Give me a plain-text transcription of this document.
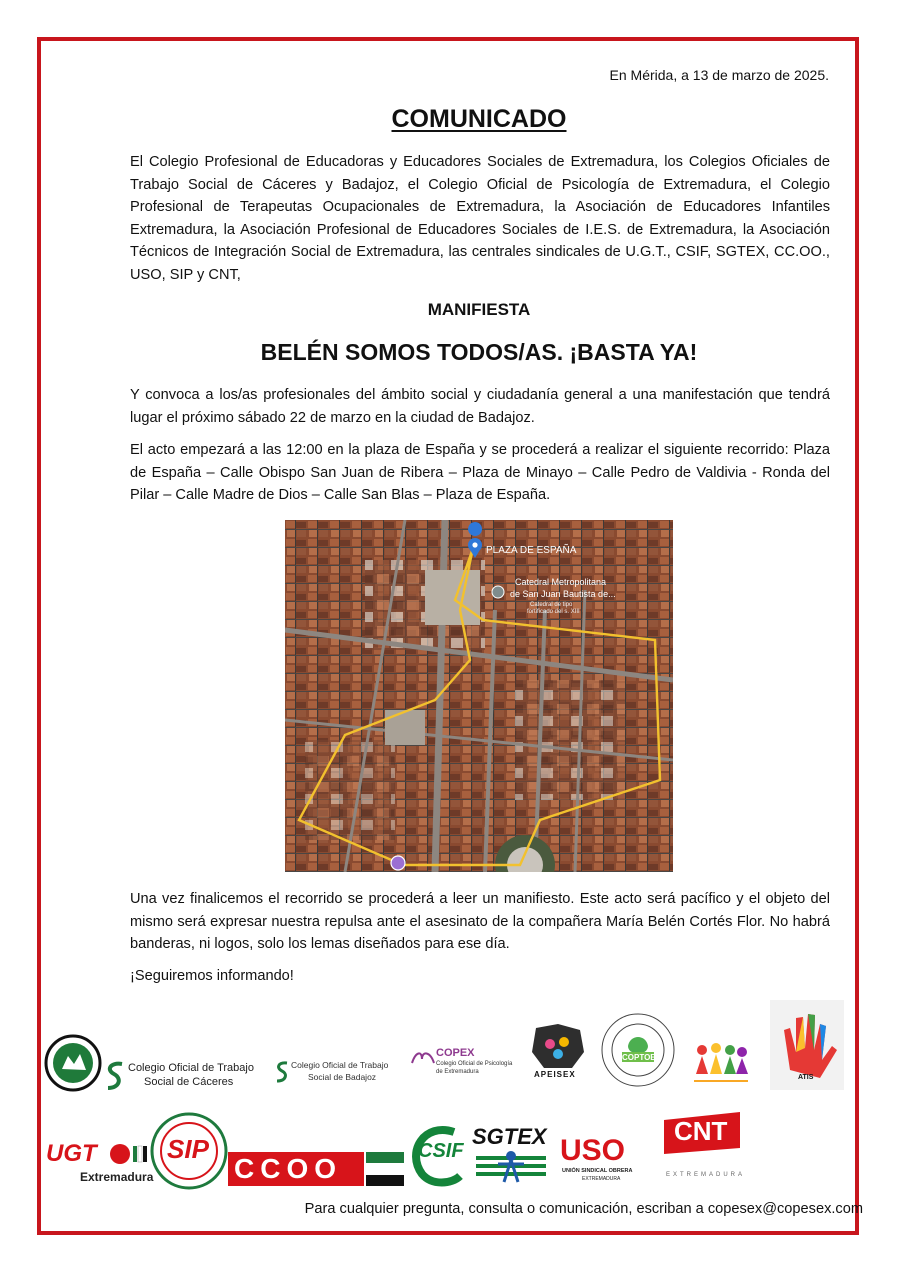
En Mérida, a 13 de marzo de 2025.
COMUNICADO

El Colegio Profesional de Educadoras y Educadores Sociales de Extremadura, los Colegios Oficiales de Trabajo Social de Cáceres y Badajoz, el Colegio Oficial de Psicología de Extremadura, el Colegio Profesional de Terapeutas Ocupacionales de Extremadura, la Asociación de Educadores Infantiles Extremadura, la Asociación Profesional de Educadores Sociales de I.E.S. de Extremadura, la Asociación Técnicos de Integración Social de Extremadura, las centrales sindicales de U.G.T., CSIF, SGTEX, CC.OO., USO, SIP y CNT,

MANIFIESTA
BELÉN SOMOS TODOS/AS. ¡BASTA YA!

Y convoca a los/as profesionales del ámbito social y ciudadanía general a una manifestación que tendrá lugar el próximo sábado 22 de marzo en la ciudad de Badajoz.

El acto empezará a las 12:00 en la plaza de España y se procederá a realizar el siguiente recorrido: Plaza de España – Calle Obispo San Juan de Ribera – Plaza de Minayo – Calle Pedro de Valdivia - Ronda del Pilar – Calle Madre de Dios – Calle San Blas – Plaza de España.

PLAZA DE ESPAÑA
Catedral Metropolitana
de San Juan Bautista de...
Catedral de tipo
fortificado del s. XIII

Una vez finalicemos el recorrido se procederá a leer un manifiesto. Este acto será pacífico y el objeto del mismo será expresar nuestra repulsa ante el asesinato de la compañera María Belén Cortés Flor. No habrá banderas, ni logos, solo los lemas diseñados para ese día.

¡Seguiremos informando!

Colegio Oficial de Trabajo
Social de Cáceres
Colegio Oficial de Trabajo
Social de Badajoz
COPEX
Colegio Oficial de Psicología
de Extremadura	APEISEX
COPTOEX
ATIS
UGT
Extremadura
SIP
CCOO
CSIF
SGTEX USO
UNIÓN SINDICAL OBRERA
EXTREMADURA
CNT
EXTREMADURA
Para cualquier pregunta, consulta o comunicación, escriban a copesex@copesex.com
